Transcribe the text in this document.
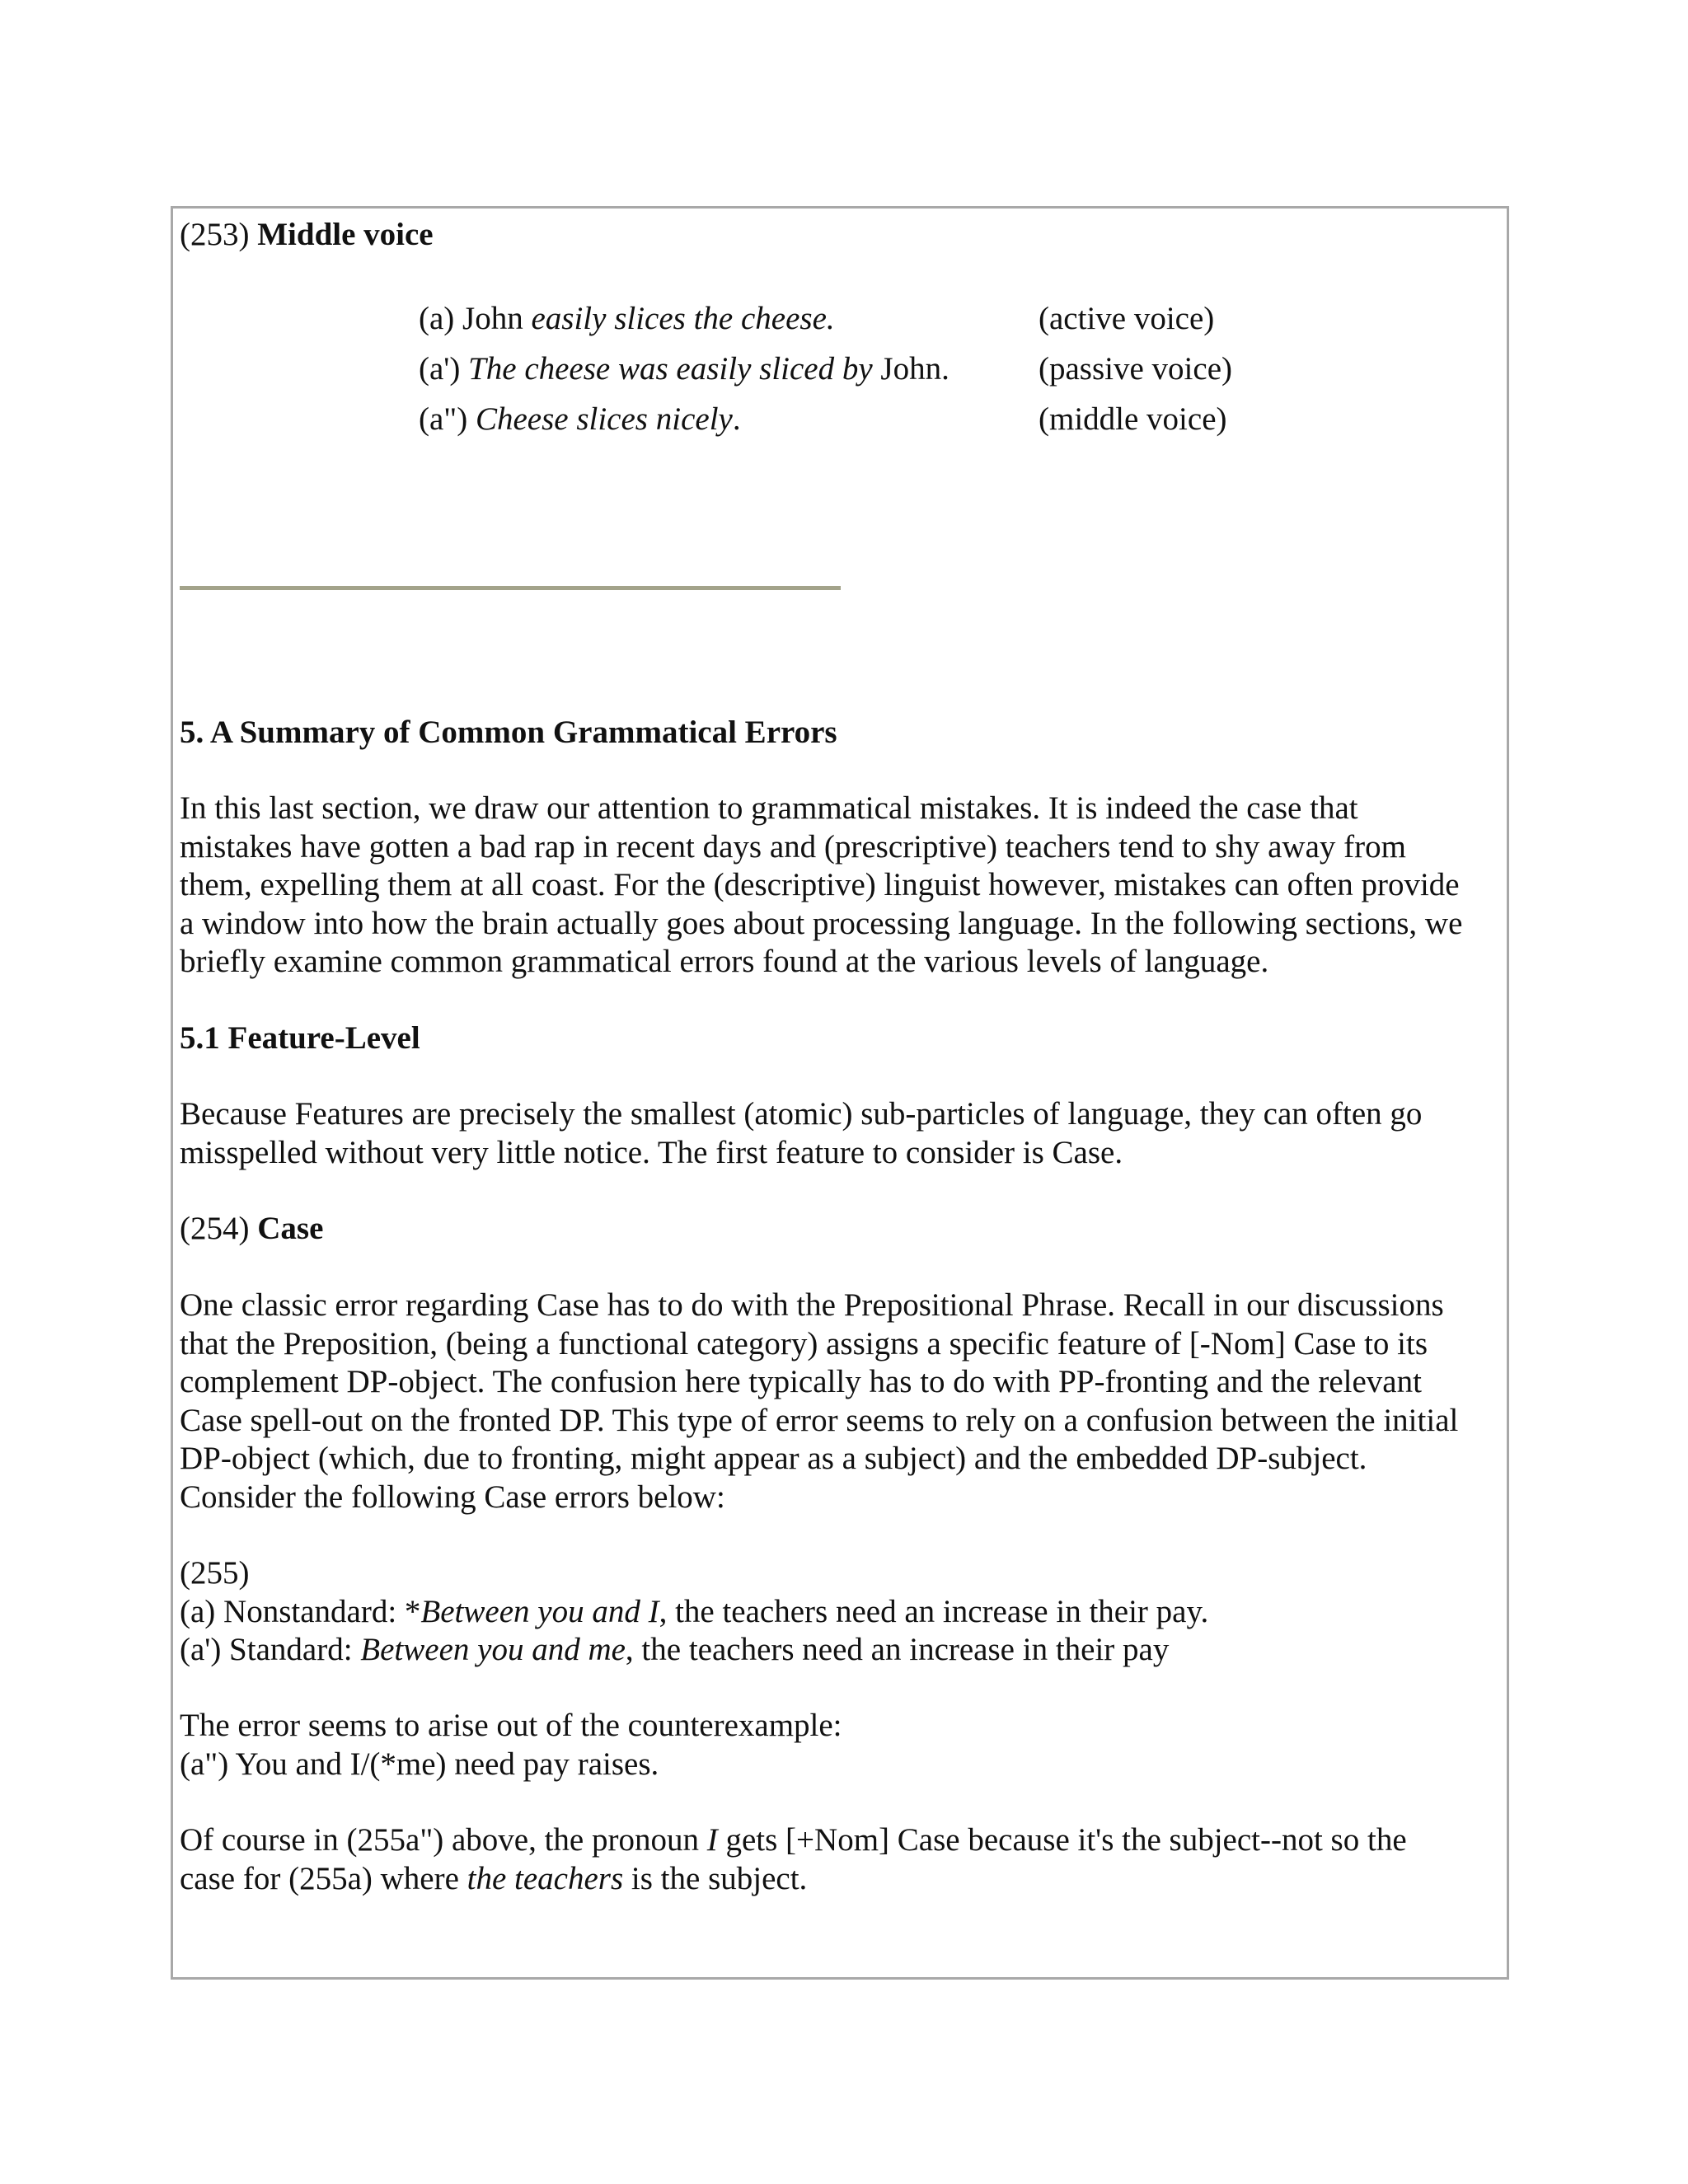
(253) Middle voice
(a) John easily slices the cheese.	(active voice)
(a') The cheese was easily sliced by John.	(passive voice)
(a") Cheese slices nicely.	(middle voice)
5. A Summary of Common Grammatical Errors
In this last section, we draw our attention to grammatical mistakes. It is indeed the case that
mistakes have gotten a bad rap in recent days and (prescriptive) teachers tend to shy away from
them, expelling them at all coast. For the (descriptive) linguist however, mistakes can often provide
a window into how the brain actually goes about processing language. In the following sections, we
briefly examine common grammatical errors found at the various levels of language.
5.1 Feature-Level
Because Features are precisely the smallest (atomic) sub-particles of language, they can often go
misspelled without very little notice. The first feature to consider is Case.
(254) Case
One classic error regarding Case has to do with the Prepositional Phrase. Recall in our discussions
that the Preposition, (being a functional category) assigns a specific feature of [-Nom] Case to its
complement DP-object. The confusion here typically has to do with PP-fronting and the relevant
Case spell-out on the fronted DP. This type of error seems to rely on a confusion between the initial
DP-object (which, due to fronting, might appear as a subject) and the embedded DP-subject.
Consider the following Case errors below:
(255)
(a) Nonstandard: *Between you and I, the teachers need an increase in their pay.
(a') Standard: Between you and me, the teachers need an increase in their pay
The error seems to arise out of the counterexample:
(a") You and I/(*me) need pay raises.
Of course in (255a") above, the pronoun I gets [+Nom] Case because it's the subject--not so the
case for (255a) where the teachers is the subject.
